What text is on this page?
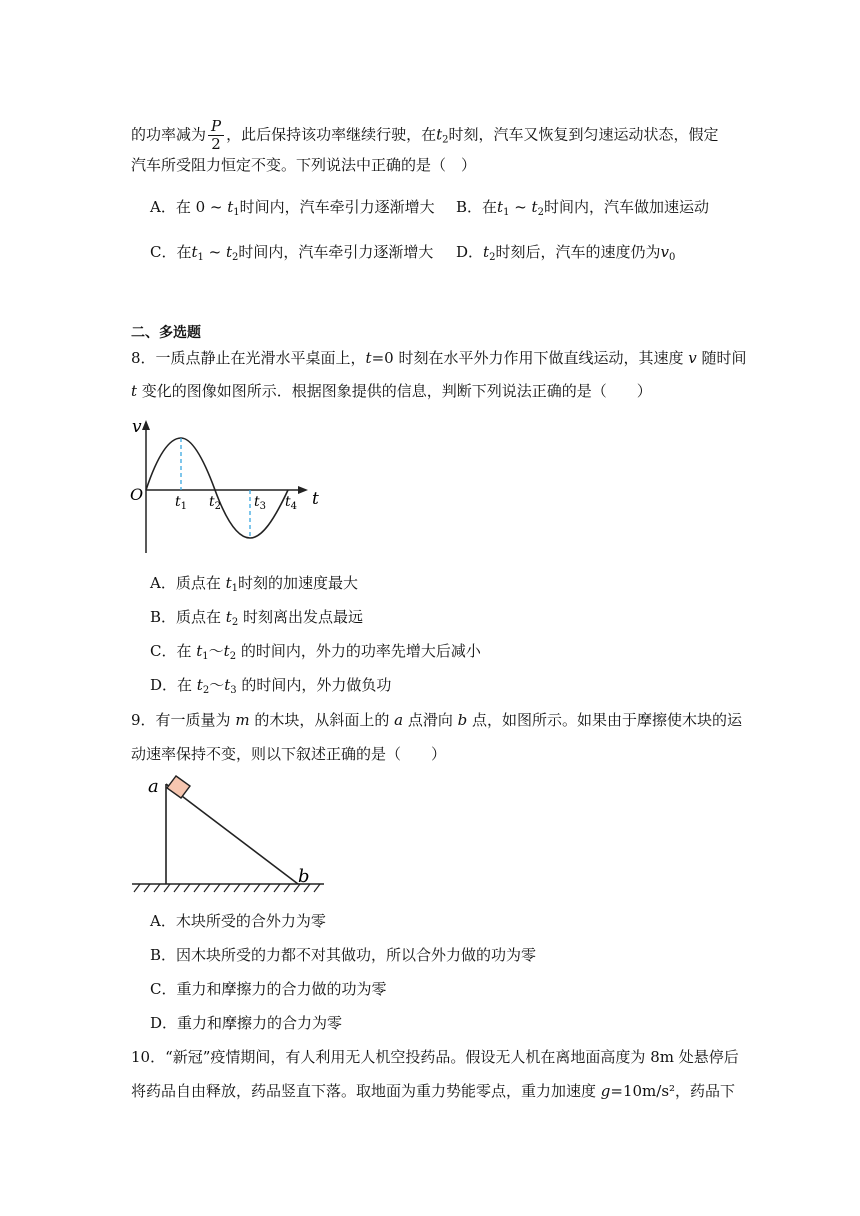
的功率减为 $\frac{P}{2}$ ，此后保持该功率继续行驶，在$t_2$时刻，汽车又恢复到匀速运动状态，假定
汽车所受阻力恒定不变。下列说法中正确的是（　）
A．在 0 ~ $t_1$时间内，汽车牵引力逐渐增大 B．在$t_1$ ~ $t_2$时间内，汽车做加速运动
C．在$t_1$ ~ $t_2$时间内，汽车牵引力逐渐增大 D．$t_2$时刻后，汽车的速度仍为$v_0$
二、多选题
8．一质点静止在光滑水平桌面上，t=0 时刻在水平外力作用下做直线运动，其速度 v 随时间
t 变化的图像如图所示．根据图象提供的信息，判断下列说法正确的是（　　）
v
O	t
$t_1$ $t_2$ $t_3$ $t_4$
A．质点在 $t_1$时刻的加速度最大
B．质点在 $t_2$ 时刻离出发点最远
C．在 $t_1\sim t_2$ 的时间内，外力的功率先增大后减小
D．在 $t_2\sim t_3$ 的时间内，外力做负功
9．有一质量为 m 的木块，从斜面上的 a 点滑向 b 点，如图所示。如果由于摩擦使木块的运
动速率保持不变，则以下叙述正确的是（　　）
a
b
A．木块所受的合外力为零
B．因木块所受的力都不对其做功，所以合外力做的功为零
C．重力和摩擦力的合力做的功为零
D．重力和摩擦力的合力为零
10．“新冠”疫情期间，有人利用无人机空投药品。假设无人机在离地面高度为 8m 处悬停后
将药品自由释放，药品竖直下落。取地面为重力势能零点，重力加速度 g=10m/s²，药品下
